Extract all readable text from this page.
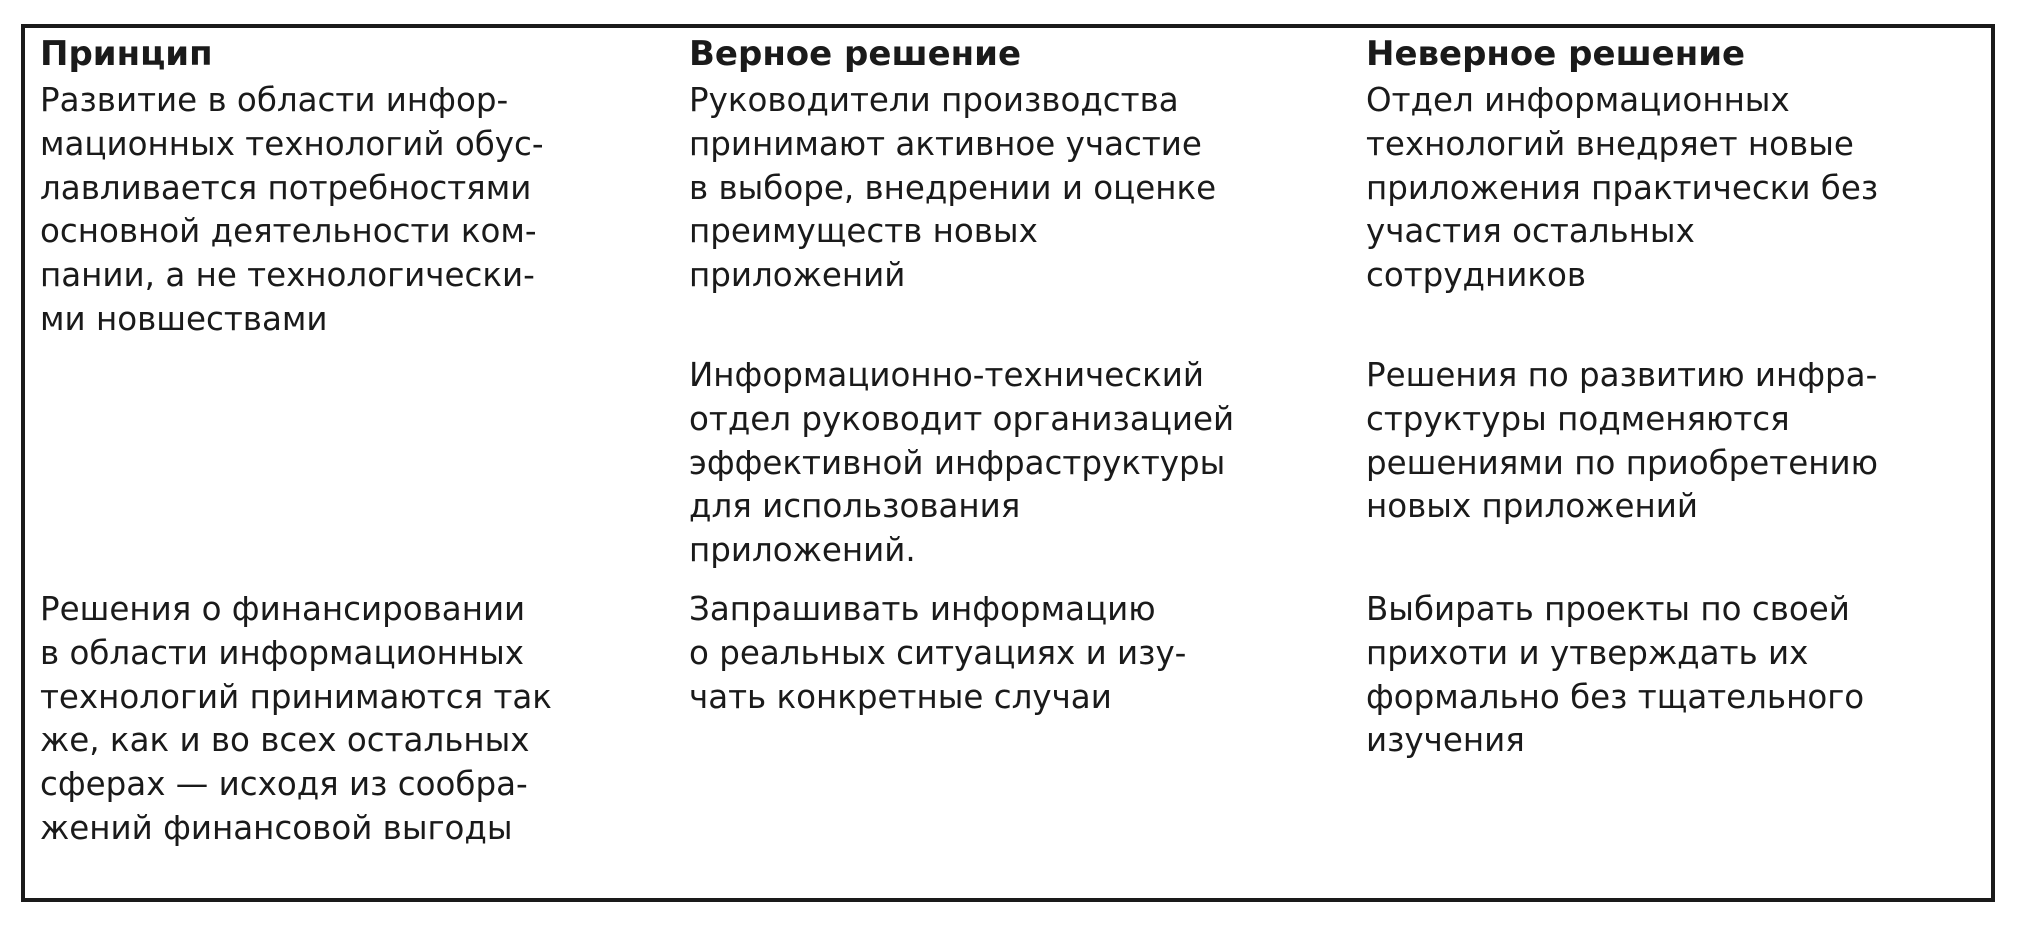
Принцип	Верное решение	Неверное решение
Развитие в области инфор-
мационных технологий обус-
лавливается потребностями
основной деятельности ком-
пании, а не технологически-
ми новшествами
Руководители производства
принимают активное участие
в выборе, внедрении и оценке
преимуществ новых
приложений
Информационно-технический
отдел руководит организацией
эффективной инфраструктуры
для использования
приложений.
Отдел информационных
технологий внедряет новые
приложения практически без
участия остальных
сотрудников
Решения по развитию инфра-
структуры подменяются
решениями по приобретению
новых приложений
Решения о финансировании
в области информационных
технологий принимаются так
же, как и во всех остальных
сферах — исходя из сообра-
жений финансовой выгоды
Запрашивать информацию
о реальных ситуациях и изу-
чать конкретные случаи
Выбирать проекты по своей
прихоти и утверждать их
формально без тщательного
изучения
